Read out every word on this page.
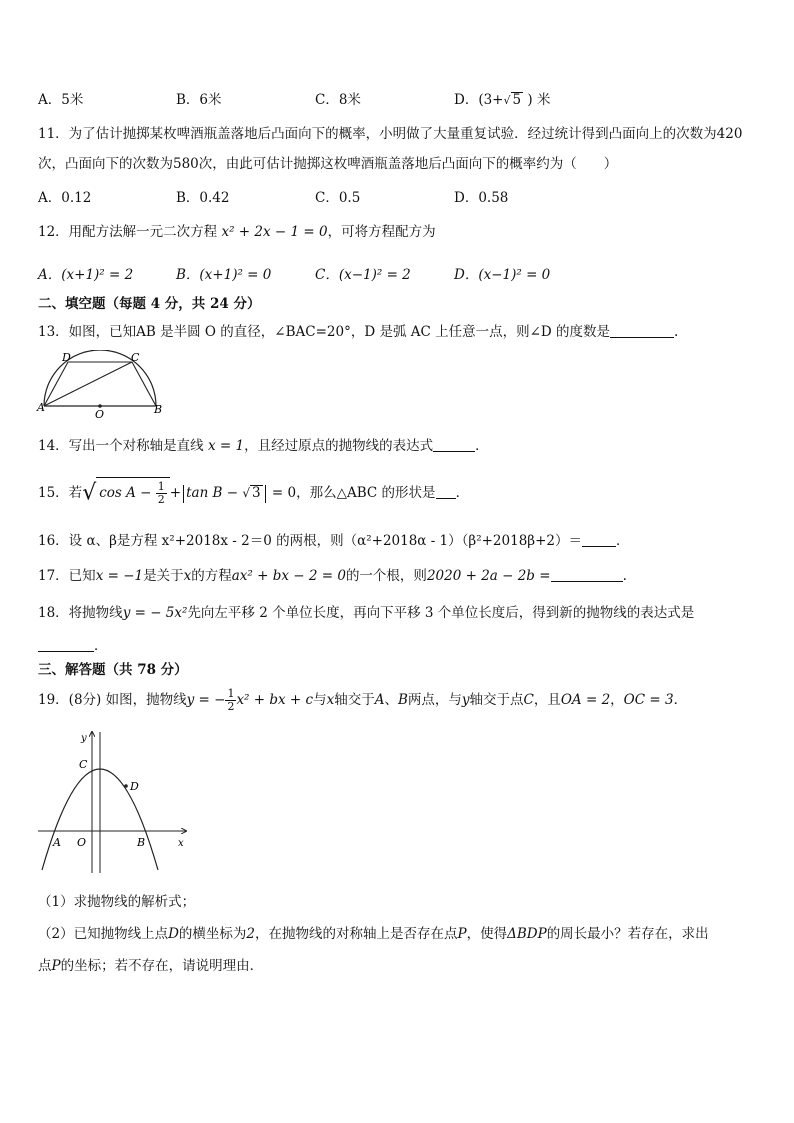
A．5米	B．6米	C．8米	D．(3+√ 5 ) 米
11．为了估计抛掷某枚啤酒瓶盖落地后凸面向下的概率，小明做了大量重复试验．经过统计得到凸面向上的次数为420
次，凸面向下的次数为580次，由此可估计抛掷这枚啤酒瓶盖落地后凸面向下的概率约为（　　）
A．0.12	B．0.42	C．0.5	D．0.58
12．用配方法解一元二次方程 x² + 2x − 1 = 0，可将方程配方为
A．(x+1)² = 2	B．(x+1)² = 0	C．(x−1)² = 2	D．(x−1)² = 0
二、填空题（每题 4 分，共 24 分）
13．如图，已知AB 是半圆 O 的直径，∠BAC=20°，D 是弧 AC 上任意一点，则∠D 的度数是	.
D	C
A
O	B
14．写出一个对称轴是直线 x = 1，且经过原点的抛物线的表达式	．
15．若√ $\cos A - \frac{1}{2} + \tan B$ − √ 3 = 0，那么△ABC 的形状是 ．
16．设 α、β是方程 x²+2018x - 2＝0 的两根，则（α²+2018α - 1）（β²+2018β+2）＝	．
17．已知x = −1是关于x的方程ax² + bx − 2 = 0的一个根，则2020 + 2a − 2b =	.
18．将抛物线y = − 5x²先向左平移 2 个单位长度，再向下平移 3 个单位长度后，得到新的抛物线的表达式是
．
三、解答题（共 78 分）
19．(8分) 如图，抛物线y = − $\frac{1}{2} x^2$ + bx + c与x轴交于A、B两点，与y轴交于点C，且OA = 2，OC = 3．
y
x
C
D
A O	B
（1）求抛物线的解析式；
（2）已知抛物线上点D的横坐标为2，在抛物线的对称轴上是否存在点P，使得ΔBDP的周长最小？若存在，求出
点P的坐标；若不存在，请说明理由．
